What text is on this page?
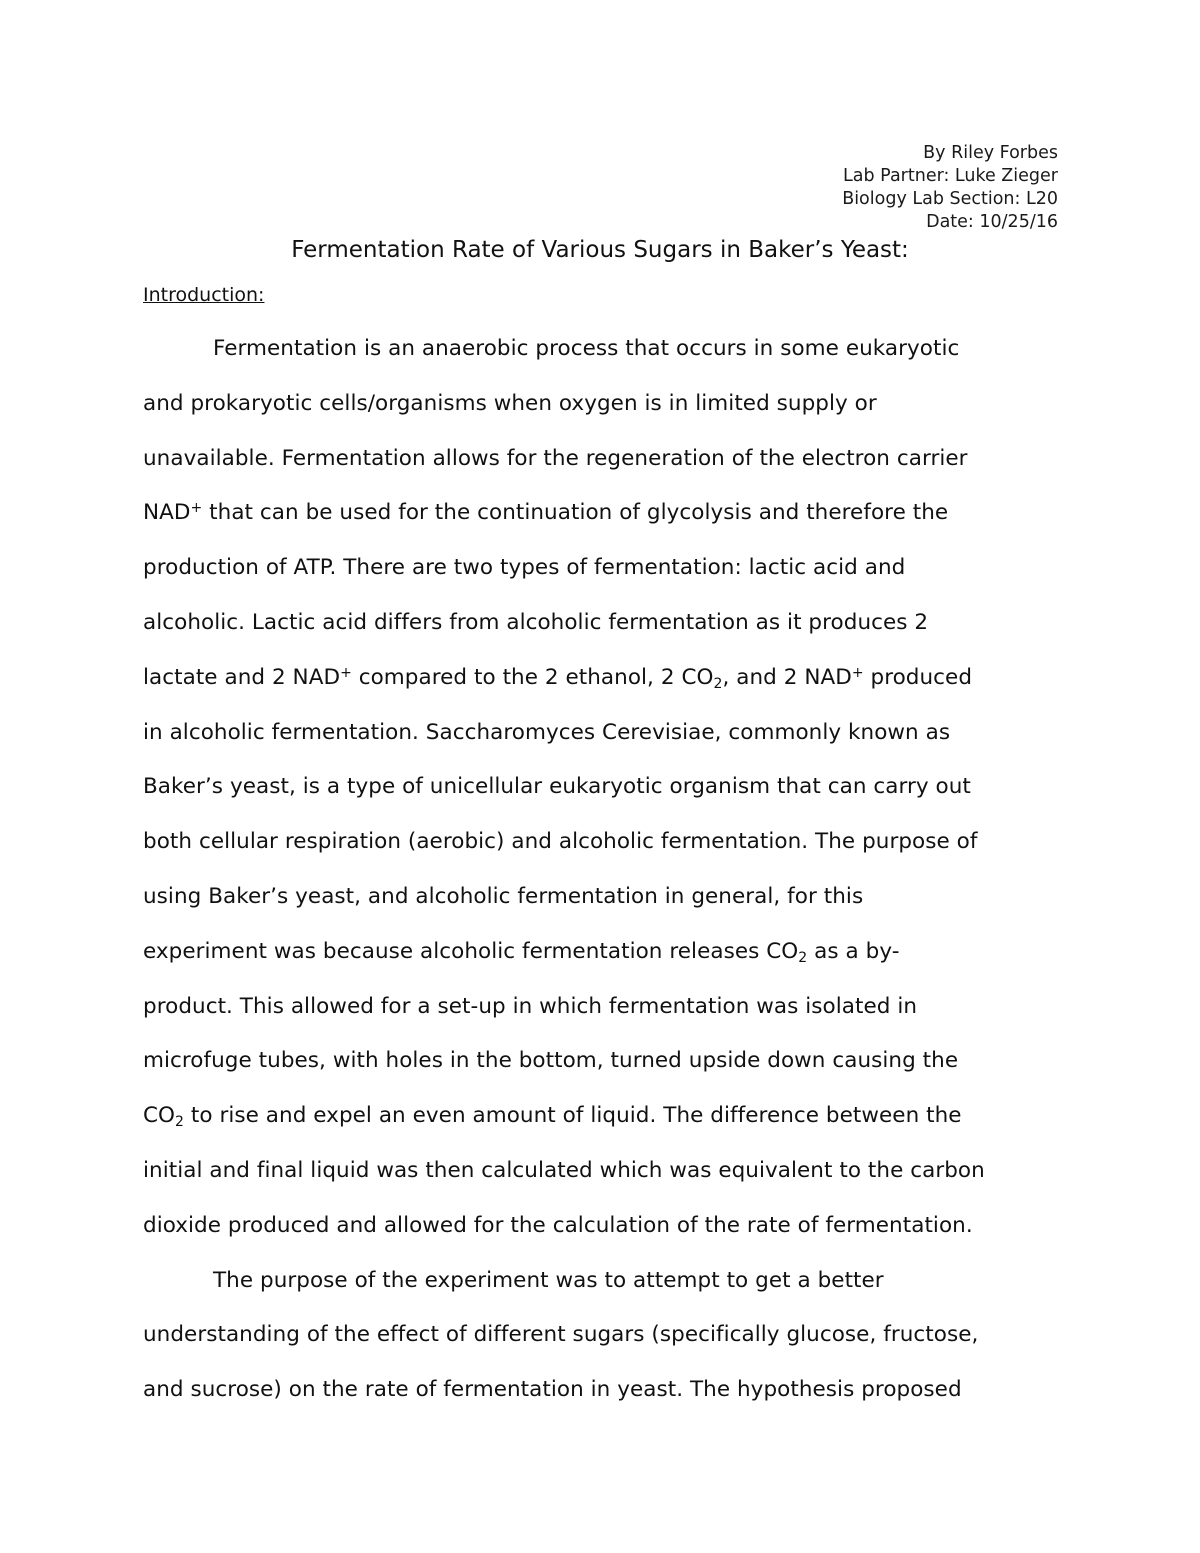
By Riley Forbes
Lab Partner: Luke Zieger
Biology Lab Section: L20
Date: 10/25/16
Fermentation Rate of Various Sugars in Baker’s Yeast:
Introduction:
Fermentation is an anaerobic process that occurs in some eukaryotic
and prokaryotic cells/organisms when oxygen is in limited supply or
unavailable. Fermentation allows for the regeneration of the electron carrier
NAD+ that can be used for the continuation of glycolysis and therefore the
production of ATP. There are two types of fermentation: lactic acid and
alcoholic. Lactic acid differs from alcoholic fermentation as it produces 2
lactate and 2 NAD+ compared to the 2 ethanol, 2 $CO_2$, and 2 NAD+ produced
in alcoholic fermentation. Saccharomyces Cerevisiae, commonly known as
Baker’s yeast, is a type of unicellular eukaryotic organism that can carry out
both cellular respiration (aerobic) and alcoholic fermentation. The purpose of
using Baker’s yeast, and alcoholic fermentation in general, for this
experiment was because alcoholic fermentation releases $CO_2$ as a by-
product. This allowed for a set-up in which fermentation was isolated in
microfuge tubes, with holes in the bottom, turned upside down causing the
$CO_2$ to rise and expel an even amount of liquid. The difference between the
initial and final liquid was then calculated which was equivalent to the carbon
dioxide produced and allowed for the calculation of the rate of fermentation.
The purpose of the experiment was to attempt to get a better
understanding of the effect of different sugars (specifically glucose, fructose,
and sucrose) on the rate of fermentation in yeast. The hypothesis proposed
